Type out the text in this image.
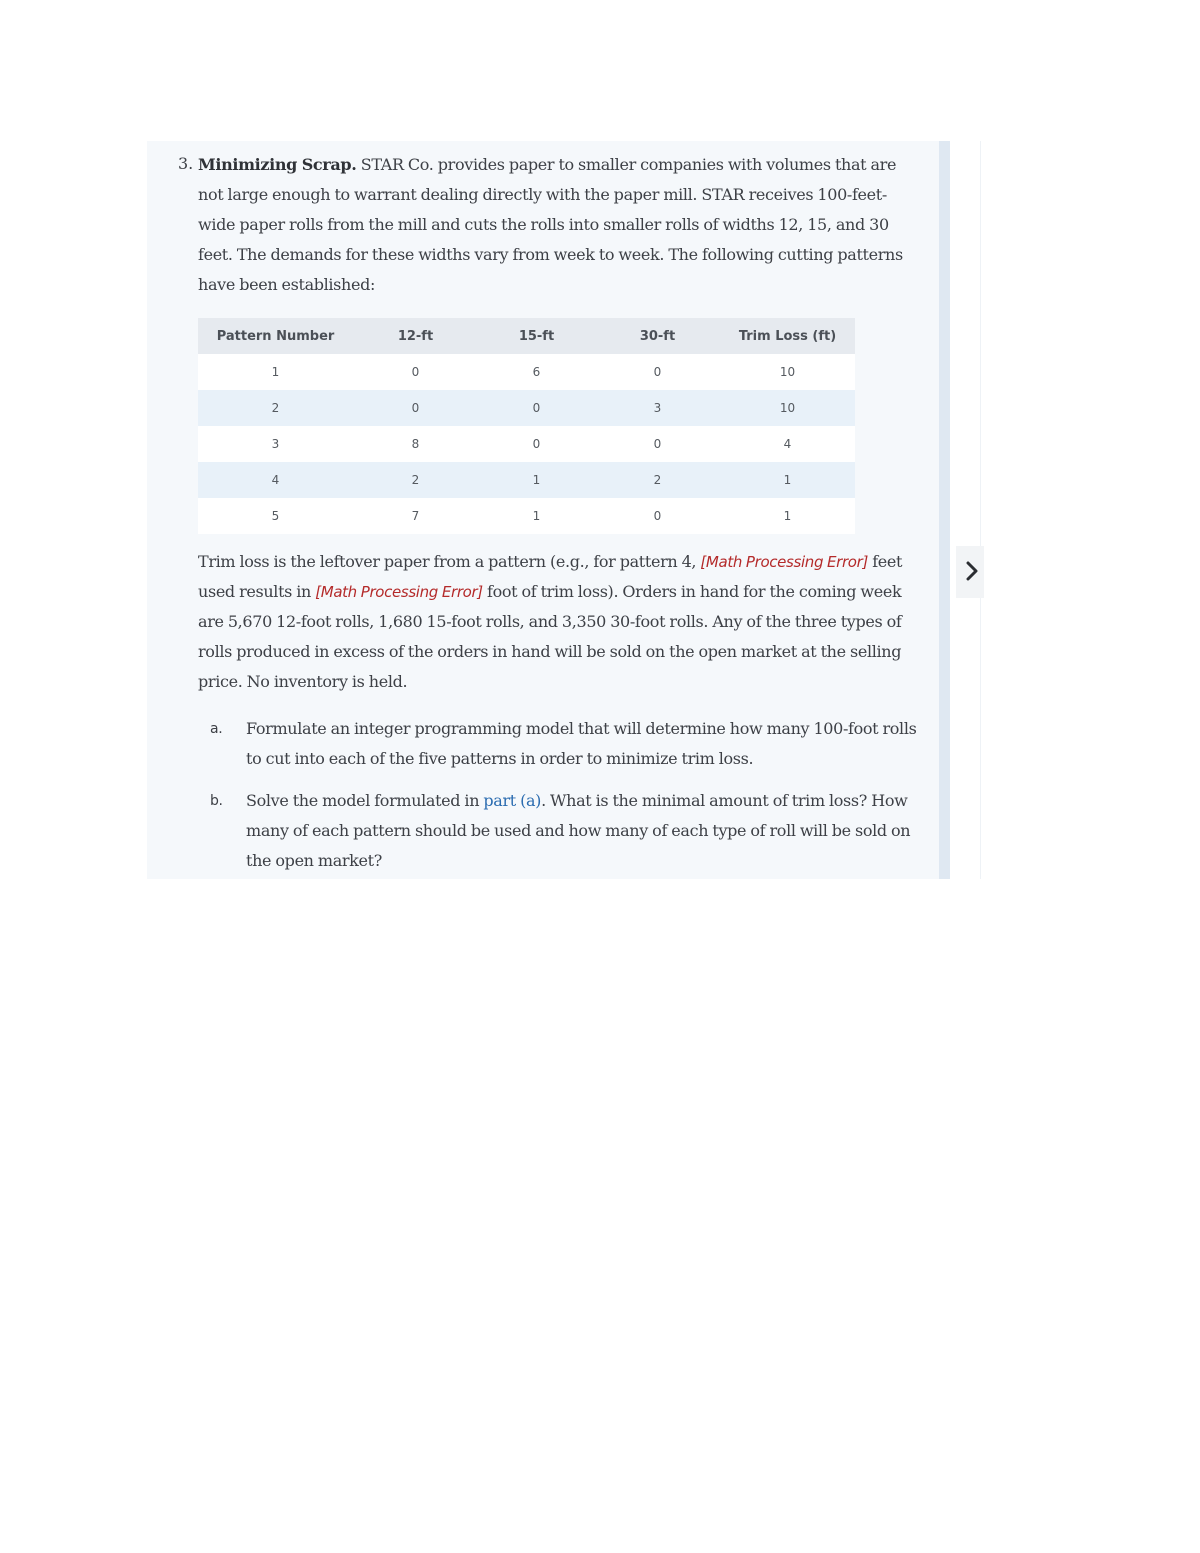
3. Minimizing Scrap. STAR Co. provides paper to smaller companies with volumes that are not large enough to warrant dealing directly with the paper mill. STAR receives 100-feet-wide paper rolls from the mill and cuts the rolls into smaller rolls of widths 12, 15, and 30 feet. The demands for these widths vary from week to week. The following cutting patterns have been established:
Pattern Number	12-ft	15-ft	30-ft	Trim Loss (ft)
1	0	6	0	10
2	0	0	3	10
3	8	0	0	4
4	2	1	2	1
5	7	1	0	1
Trim loss is the leftover paper from a pattern (e.g., for pattern 4, [Math Processing Error] feet used results in [Math Processing Error] foot of trim loss). Orders in hand for the coming week are 5,670 12-foot rolls, 1,680 15-foot rolls, and 3,350 30-foot rolls. Any of the three types of rolls produced in excess of the orders in hand will be sold on the open market at the selling price. No inventory is held.
a. Formulate an integer programming model that will determine how many 100-foot rolls to cut into each of the five patterns in order to minimize trim loss.
b. Solve the model formulated in part (a). What is the minimal amount of trim loss? How many of each pattern should be used and how many of each type of roll will be sold on the open market?
